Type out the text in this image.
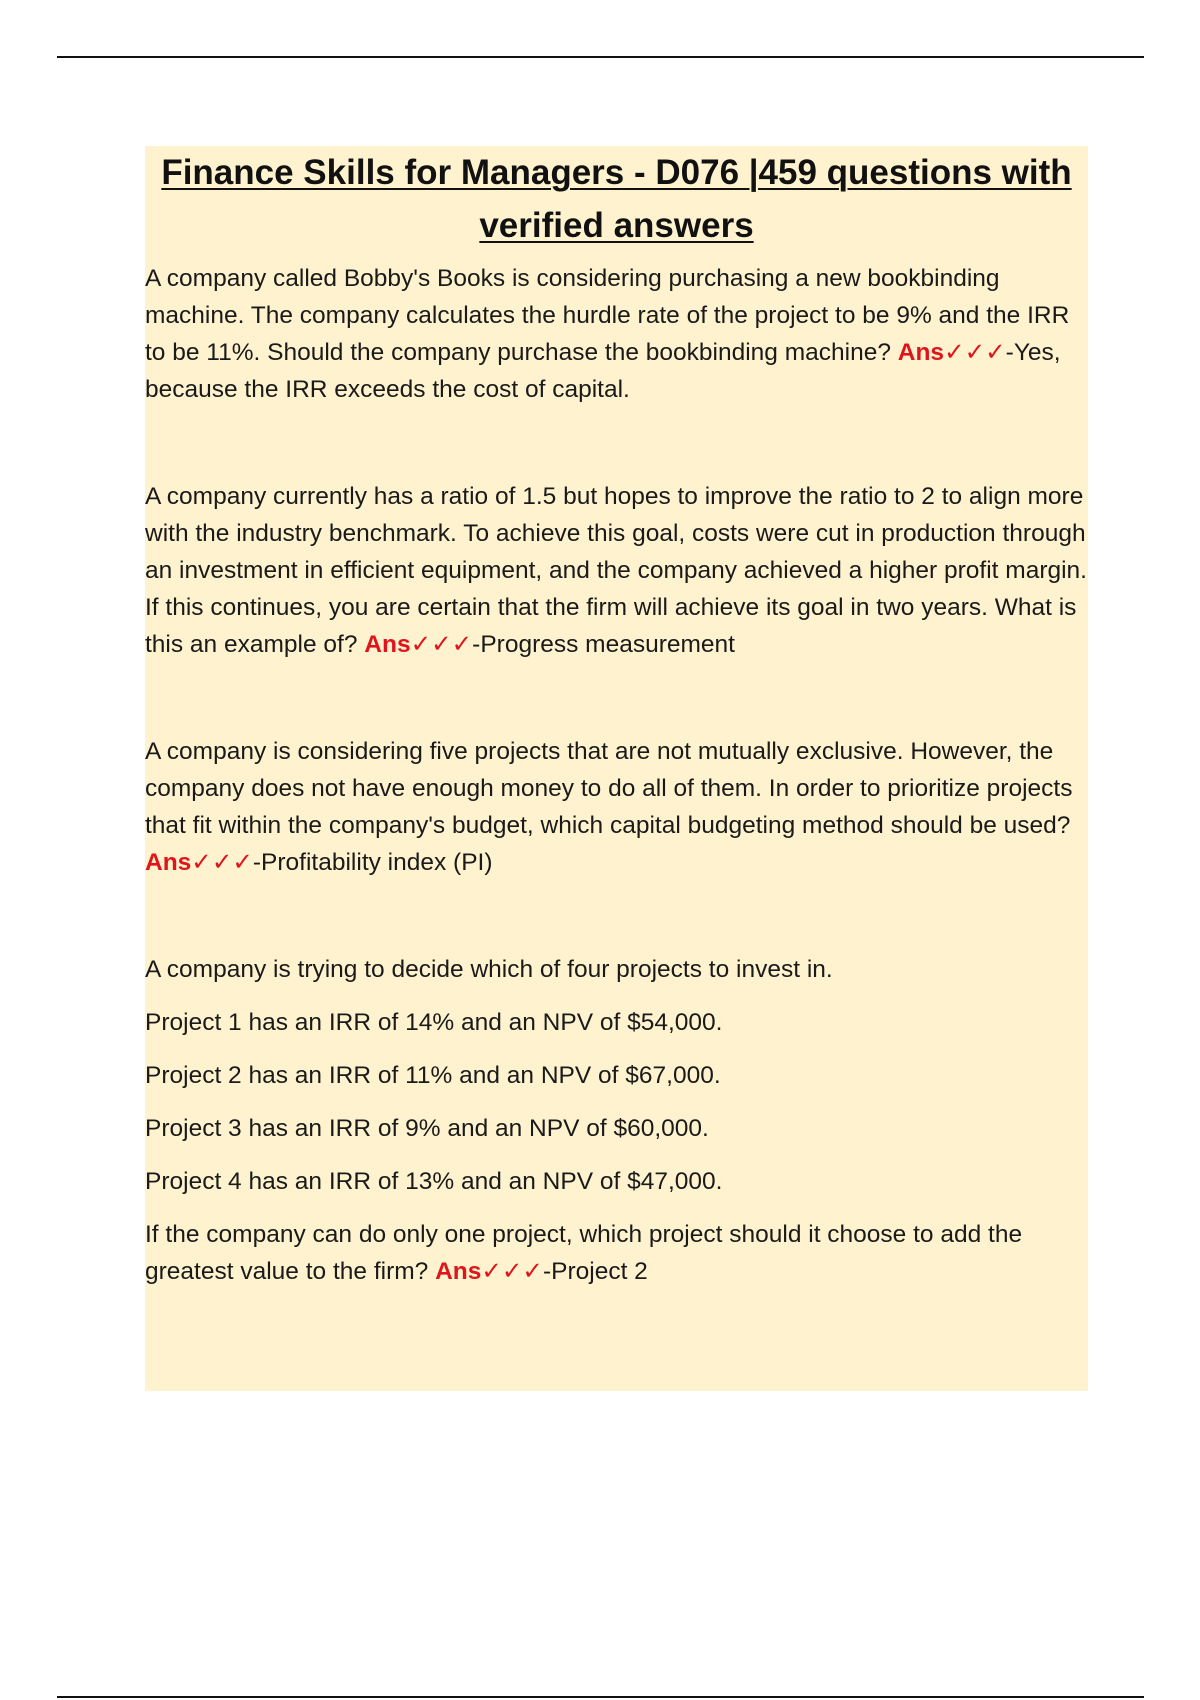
Finance Skills for Managers - D076 |459 questions with verified answers

A company called Bobby's Books is considering purchasing a new bookbinding machine. The company calculates the hurdle rate of the project to be 9% and the IRR to be 11%. Should the company purchase the bookbinding machine? Ans✓✓✓-Yes, because the IRR exceeds the cost of capital.

A company currently has a ratio of 1.5 but hopes to improve the ratio to 2 to align more with the industry benchmark. To achieve this goal, costs were cut in production through an investment in efficient equipment, and the company achieved a higher profit margin. If this continues, you are certain that the firm will achieve its goal in two years. What is this an example of? Ans✓✓✓-Progress measurement

A company is considering five projects that are not mutually exclusive. However, the company does not have enough money to do all of them. In order to prioritize projects that fit within the company's budget, which capital budgeting method should be used? Ans✓✓✓-Profitability index (PI)

A company is trying to decide which of four projects to invest in.

Project 1 has an IRR of 14% and an NPV of $54,000.

Project 2 has an IRR of 11% and an NPV of $67,000.

Project 3 has an IRR of 9% and an NPV of $60,000.

Project 4 has an IRR of 13% and an NPV of $47,000.

If the company can do only one project, which project should it choose to add the greatest value to the firm? Ans✓✓✓-Project 2
